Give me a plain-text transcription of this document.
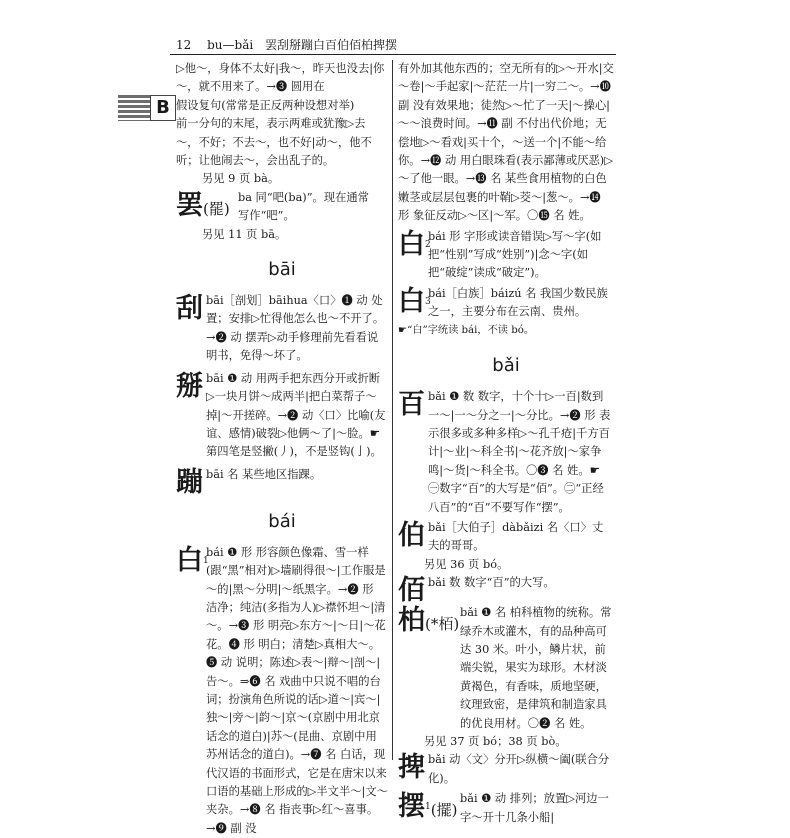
12 bu—bǎi 罢刮掰蹦白百伯佰柏捭摆
B

▷他～，身体不太好|我～，昨天也没去|你～，就不用来了。→❸ 圆用在

假设复句(常常是正反两种设想对举)

前一分句的末尾，表示两难或犹豫▷去～，不好；不去～，也不好|动～，他不听；让他闹去～，会出乱子的。

另见 9 页 bà。

罢(罷)

ba 同“吧(ba)”。现在通常

写作“吧”。

另见 11 页 bā。

bāi
刮 bāi［剖划］bāihua〈口〉❶ 动 处置；安排▷忙得他怎么也～不开了。→❷ 动 摆弄▷动手修理前先看看说明书，免得～坏了。

掰 bāi ❶ 动 用两手把东西分开或折断▷一块月饼～成两半|把白菜帮子～掉|～开搓碎。→❷ 动〈口〉比喻(友谊、感情)破裂▷他俩～了|～脸。☛ 第四笔是竖撇(丿)，不是竖钩(亅)。

蹦 bāi 名 某些地区指踝。

bái
白$^1$

bái ❶ 形 形容颜色像霜、雪一样(跟“黑”相对)▷墙刷得很～|工作服是～的|黑～分明|～纸黑字。→❷ 形 洁净；纯洁(多指为人)▷襟怀坦～|清～。→❸ 形 明亮▷东方～|～日|～花花。❹ 形 明白；清楚▷真相大～。❺ 动 说明；陈述▷表～|辩～|剖～|告～。⇒❻ 名 戏曲中只说不唱的台词；扮演角色所说的话▷道～|宾～|独～|旁～|韵～|京～(京剧中用北京话念的道白)|苏～(昆曲、京剧中用苏州话念的道白)。→❼ 名 白话，现代汉语的书面形式，它是在唐宋以来口语的基础上形成的▷半文半～|文～夹杂。→❽ 名 指丧事▷红～喜事。→❾ 副 没

有外加其他东西的；空无所有的▷～开水|交～卷|～手起家|～茫茫一片|一穷二～。→❿ 副 没有效果地；徒然▷～忙了一天|～操心|～～浪费时间。→⓫ 副 不付出代价地；无偿地▷～看戏|买十个，～送一个|不能～给你。→⓬ 动 用白眼珠看(表示鄙薄或厌恶)▷～了他一眼。→⓭ 名 某些食用植物的白色嫩茎或层层包裹的叶鞘▷茭～|葱～。→⓮ 形 象征反动▷～区|～军。〇⓯ 名 姓。

白$^2$

bái 形 字形或读音错误▷写～字(如把“性别”写成“姓别”)|念～字(如把“破绽”读成“破定”)。

白$^3$

bái［白族］báizú 名 我国少数民族之一，主要分布在云南、贵州。

☛“白”字统读 bái，不读 bó。

bǎi
百 bǎi ❶ 数 数字，十个十▷一百|数到一～|一～分之一|～分比。→❷ 形 表示很多或多种多样▷～孔千疮|千方百计|～业|～科全书|～花齐放|～家争鸣|～货|～科全书。〇❸ 名 姓。☛ ㊀数字“百”的大写是“佰”。㊁“正经八百”的“百”不要写作“摆”。

伯 bǎi［大伯子］dàbǎizi 名〈口〉丈夫的哥哥。

另见 36 页 bó。

佰 bǎi 数 数字“百”的大写。

柏(*栢)

bǎi ❶ 名 柏科植物的统称。常绿乔木或灌木，有的品种高可达 30 米。叶小，鳞片状，前端尖锐，果实为球形。木材淡黄褐色，有香味，质地坚硬，纹理致密，是律筑和制造家具的优良用材。〇❷ 名 姓。

另见 37 页 bó；38 页 bò。

捭 bǎi 动〈文〉分开▷纵横～阖(联合分化)。

摆$^1$(擺)

bǎi ❶ 动 排列；放置▷河边一字～开十几条小船|
